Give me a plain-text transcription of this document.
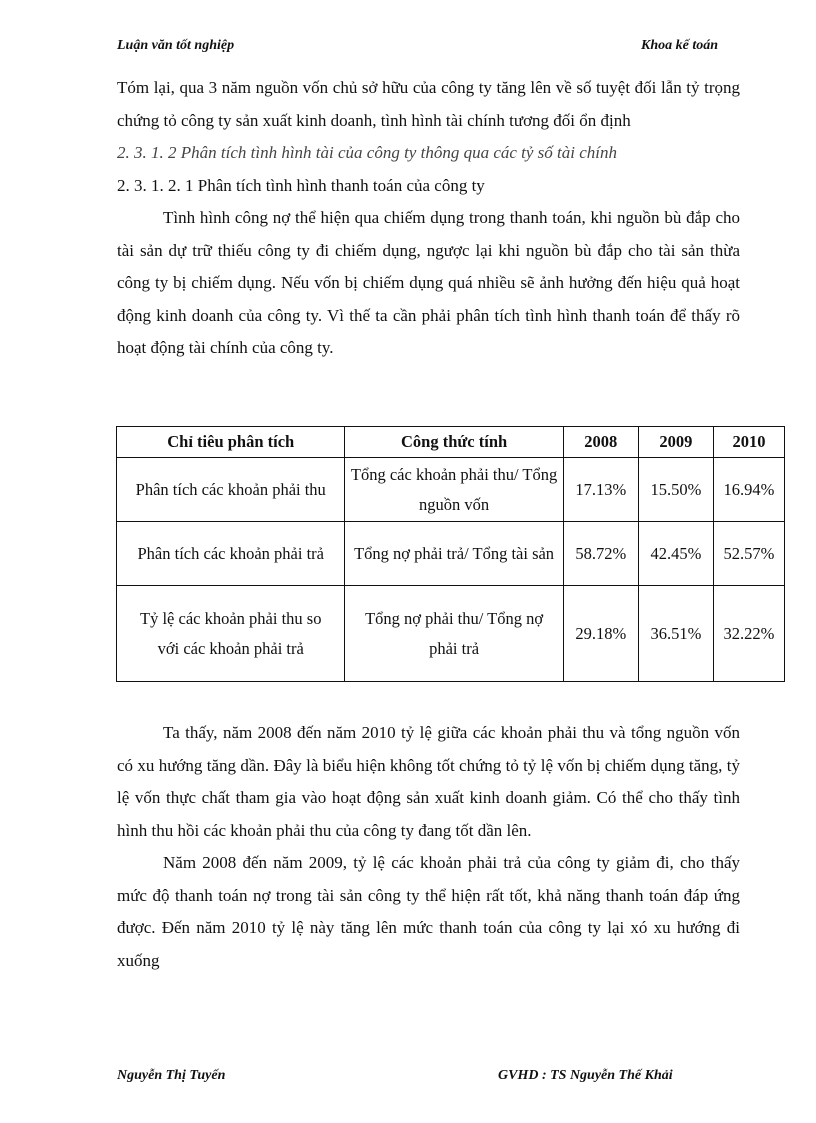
Luận văn tốt nghiệp	Khoa kế toán

Tóm lại, qua 3 năm nguồn vốn chủ sở hữu của công ty tăng lên về số tuyệt đối lẫn tỷ trọng chứng tỏ công ty sản xuất kinh doanh, tình hình tài chính tương đối ổn định

2. 3. 1. 2 Phân tích tình hình tài của công ty thông qua các tỷ số tài chính

2. 3. 1. 2. 1 Phân tích tình hình thanh toán của công ty

Tình hình công nợ thể hiện qua chiếm dụng trong thanh toán, khi nguồn bù đắp cho tài sản dự trữ thiếu công ty đi chiếm dụng, ngược lại khi nguồn bù đắp cho tài sản thừa công ty bị chiếm dụng. Nếu vốn bị chiếm dụng quá nhiều sẽ ảnh hưởng đến hiệu quả hoạt động kinh doanh của công ty. Vì thế ta cần phải phân tích tình hình thanh toán để thấy rõ hoạt động tài chính của công ty.

Chỉ tiêu phân tích	Công thức tính	2008	2009	2010
Phân tích các khoản phải thu	Tổng các khoản phải thu/ Tổng nguồn vốn	17.13%	15.50%	16.94%
Phân tích các khoản phải trả	Tổng nợ phải trả/ Tổng tài sản	58.72%	42.45%	52.57%
Tỷ lệ các khoản phải thu so
với các khoản phải trả	Tổng nợ phải thu/ Tổng nợ phải trả	29.18%	36.51%	32.22%

Ta thấy, năm 2008 đến năm 2010 tỷ lệ giữa các khoản phải thu và tổng nguồn vốn có xu hướng tăng dần. Đây là biểu hiện không tốt chứng tỏ tỷ lệ vốn bị chiếm dụng tăng, tỷ lệ vốn thực chất tham gia vào hoạt động sản xuất kinh doanh giảm. Có thể cho thấy tình hình thu hồi các khoản phải thu của công ty đang tốt dần lên.

Năm 2008 đến năm 2009, tỷ lệ các khoản phải trả của công ty giảm đi, cho thấy mức độ thanh toán nợ trong tài sản công ty thể hiện rất tốt, khả năng thanh toán đáp ứng được. Đến năm 2010 tỷ lệ này tăng lên mức thanh toán của công ty lại xó xu hướng đi xuống

Nguyễn Thị Tuyến	GVHD : TS Nguyễn Thế Khải
